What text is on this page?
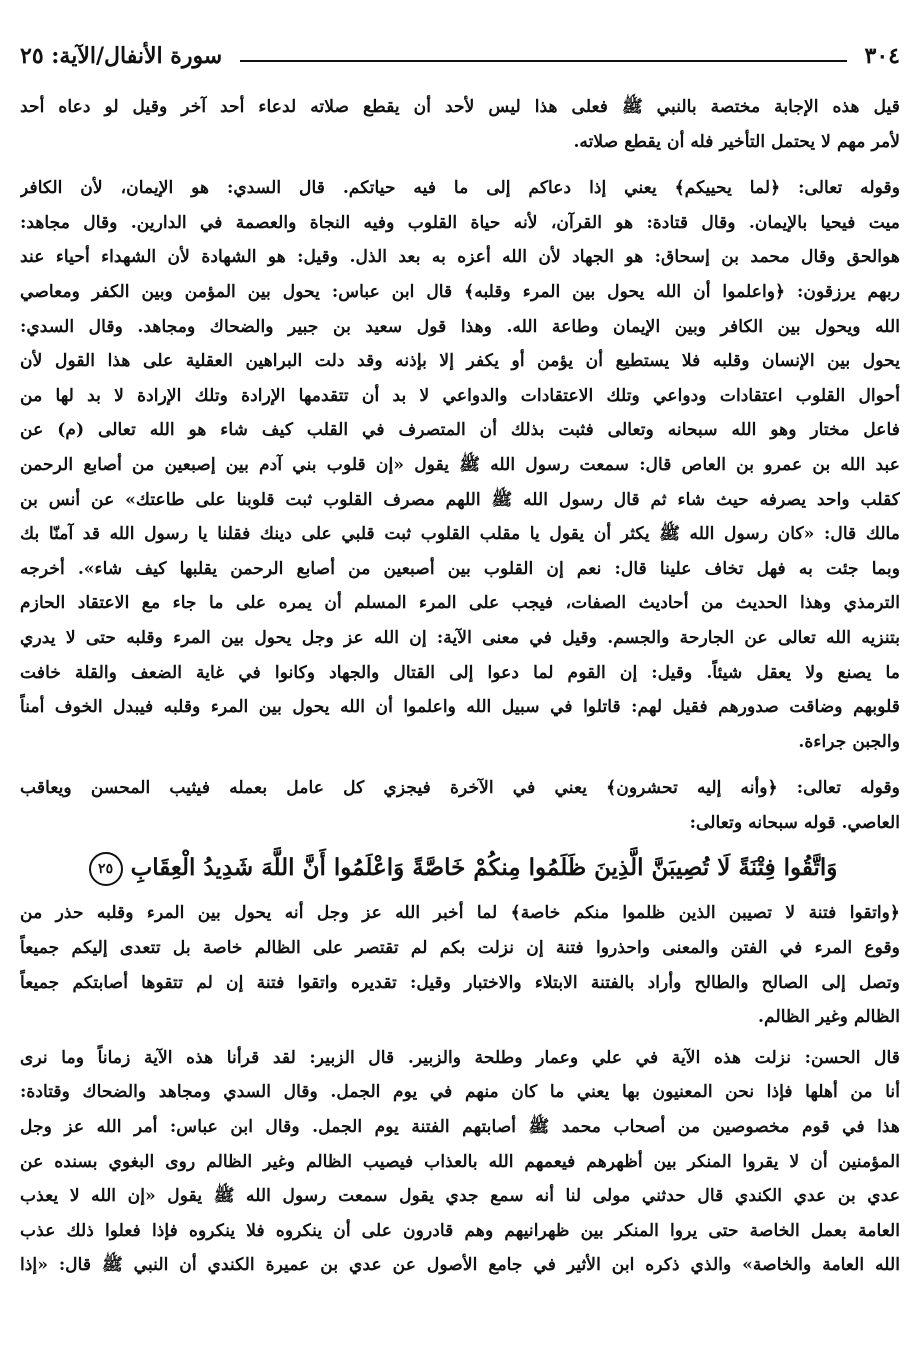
٣٠٤
سورة الأنفال/الآية: ٢٥
قيل هذه الإجابة مختصة بالنبي ﷺ فعلى هذا ليس لأحد أن يقطع صلاته لدعاء أحد آخر وقيل لو دعاه أحد
لأمر مهم لا يحتمل التأخير فله أن يقطع صلاته.
وقوله تعالى: ﴿لما يحييكم﴾ يعني إذا دعاكم إلى ما فيه حياتكم. قال السدي: هو الإيمان، لأن الكافر
ميت فيحيا بالإيمان. وقال قتادة: هو القرآن، لأنه حياة القلوب وفيه النجاة والعصمة في الدارين. وقال مجاهد:
هوالحق وقال محمد بن إسحاق: هو الجهاد لأن الله أعزه به بعد الذل. وقيل: هو الشهادة لأن الشهداء أحياء عند
ربهم يرزقون: ﴿واعلموا أن الله يحول بين المرء وقلبه﴾ قال ابن عباس: يحول بين المؤمن وبين الكفر ومعاصي
الله ويحول بين الكافر وبين الإيمان وطاعة الله. وهذا قول سعيد بن جبير والضحاك ومجاهد. وقال السدي:
يحول بين الإنسان وقلبه فلا يستطيع أن يؤمن أو يكفر إلا بإذنه وقد دلت البراهين العقلية على هذا القول لأن
أحوال القلوب اعتقادات ودواعي وتلك الاعتقادات والدواعي لا بد أن تتقدمها الإرادة وتلك الإرادة لا بد لها من
فاعل مختار وهو الله سبحانه وتعالى فثبت بذلك أن المتصرف في القلب كيف شاء هو الله تعالى (م) عن
عبد الله بن عمرو بن العاص قال: سمعت رسول الله ﷺ يقول «إن قلوب بني آدم بين إصبعين من أصابع الرحمن
كقلب واحد يصرفه حيث شاء ثم قال رسول الله ﷺ اللهم مصرف القلوب ثبت قلوبنا على طاعتك» عن أنس بن
مالك قال: «كان رسول الله ﷺ يكثر أن يقول يا مقلب القلوب ثبت قلبي على دينك فقلنا يا رسول الله قد آمنّا بك
وبما جئت به فهل تخاف علينا قال: نعم إن القلوب بين أصبعين من أصابع الرحمن يقلبها كيف شاء». أخرجه
الترمذي وهذا الحديث من أحاديث الصفات، فيجب على المرء المسلم أن يمره على ما جاء مع الاعتقاد الحازم
بتنزيه الله تعالى عن الجارحة والجسم. وقيل في معنى الآية: إن الله عز وجل يحول بين المرء وقلبه حتى لا يدري
ما يصنع ولا يعقل شيئاً. وقيل: إن القوم لما دعوا إلى القتال والجهاد وكانوا في غاية الضعف والقلة خافت
قلوبهم وضاقت صدورهم فقيل لهم: قاتلوا في سبيل الله واعلموا أن الله يحول بين المرء وقلبه فيبدل الخوف أمناً
والجبن جراءة.
وقوله تعالى: ﴿وأنه إليه تحشرون﴾ يعني في الآخرة فيجزي كل عامل بعمله فيثيب المحسن ويعاقب
العاصي. قوله سبحانه وتعالى:
وَاتَّقُوا فِتْنَةً لَا تُصِيبَنَّ الَّذِينَ ظَلَمُوا مِنكُمْ خَاصَّةً وَاعْلَمُوا أَنَّ اللَّهَ شَدِيدُ الْعِقَابِ ٢٥
﴿واتقوا فتنة لا تصيبن الذين ظلموا منكم خاصة﴾ لما أخبر الله عز وجل أنه يحول بين المرء وقلبه حذر من
وقوع المرء في الفتن والمعنى واحذروا فتنة إن نزلت بكم لم تقتصر على الظالم خاصة بل تتعدى إليكم جميعاً
وتصل إلى الصالح والطالح وأراد بالفتنة الابتلاء والاختبار وقيل: تقديره واتقوا فتنة إن لم تتقوها أصابتكم جميعاً
الظالم وغير الظالم.
قال الحسن: نزلت هذه الآية في علي وعمار وطلحة والزبير. قال الزبير: لقد قرأنا هذه الآية زماناً وما نرى
أنا من أهلها فإذا نحن المعنيون بها يعني ما كان منهم في يوم الجمل. وقال السدي ومجاهد والضحاك وقتادة:
هذا في قوم مخصوصين من أصحاب محمد ﷺ أصابتهم الفتنة يوم الجمل. وقال ابن عباس: أمر الله عز وجل
المؤمنين أن لا يقروا المنكر بين أظهرهم فيعمهم الله بالعذاب فيصيب الظالم وغير الظالم روى البغوي بسنده عن
عدي بن عدي الكندي قال حدثني مولى لنا أنه سمع جدي يقول سمعت رسول الله ﷺ يقول «إن الله لا يعذب
العامة بعمل الخاصة حتى يروا المنكر بين ظهرانيهم وهم قادرون على أن ينكروه فلا ينكروه فإذا فعلوا ذلك عذب
الله العامة والخاصة» والذي ذكره ابن الأثير في جامع الأصول عن عدي بن عميرة الكندي أن النبي ﷺ قال: «إذا
